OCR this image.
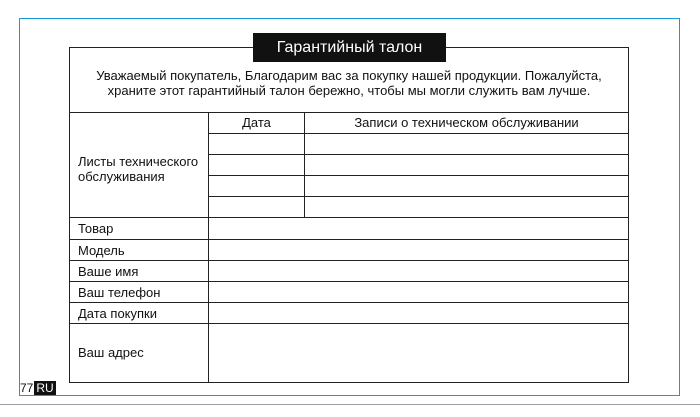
Гарантийный талон
Уважаемый покупатель, Благодарим вас за покупку нашей продукции. Пожалуйста,
храните этот гарантийный талон бережно, чтобы мы могли служить вам лучше.
Дата	Записи о техническом обслуживании
Листы технического
обслуживания
Товар
Модель
Ваше имя
Ваш телефон
Дата покупки
Ваш адрес
77 RU
